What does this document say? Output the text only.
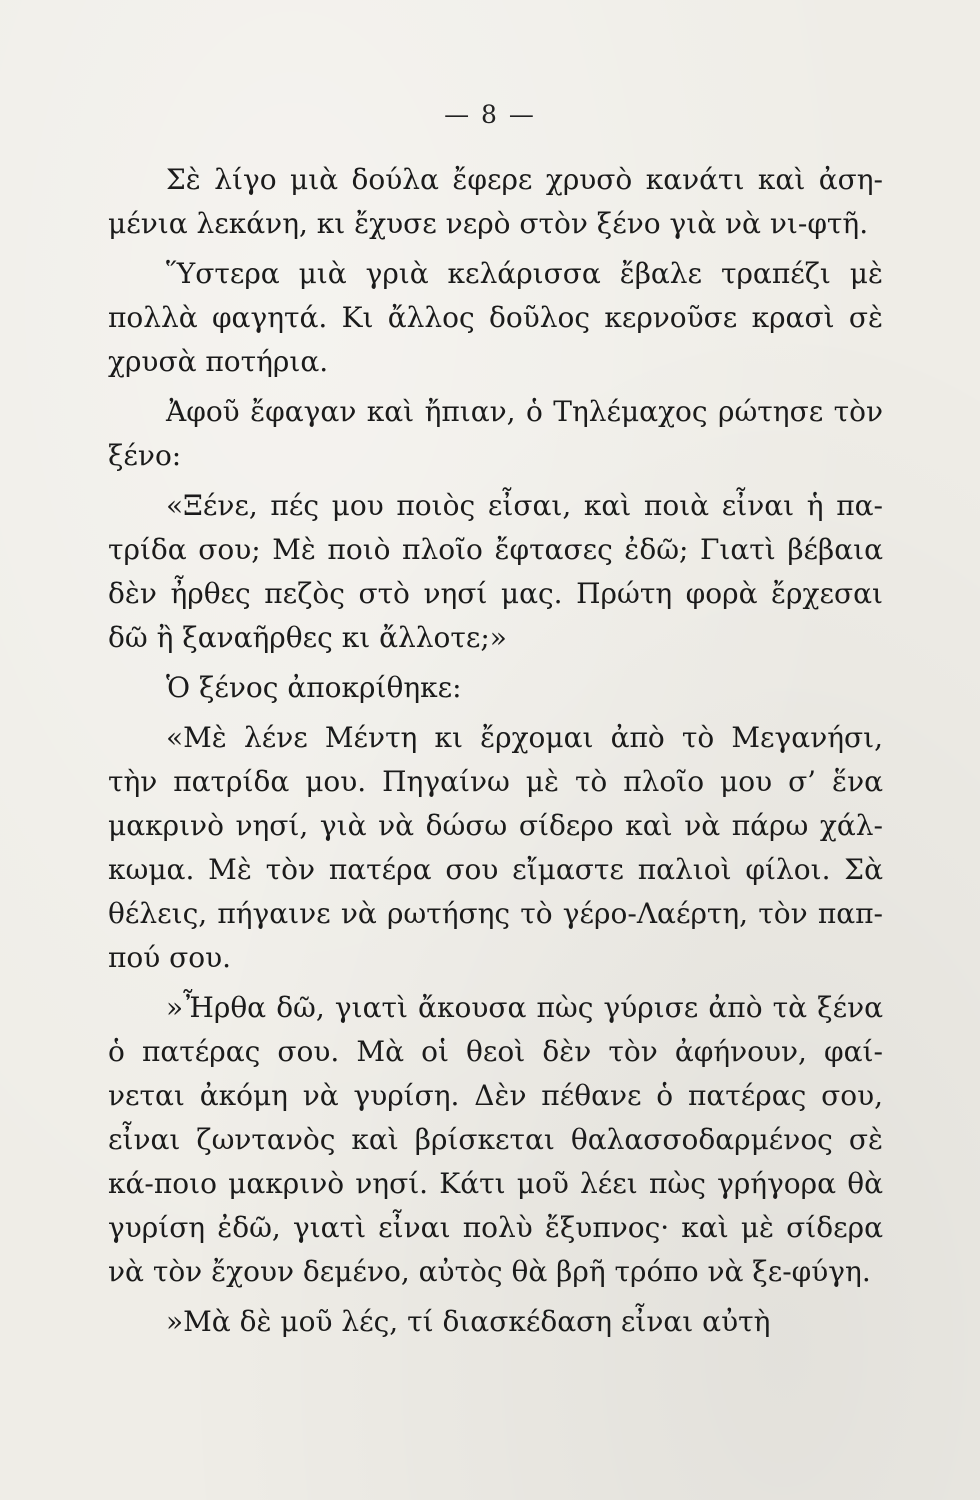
— 8 —

Σὲ λίγο μιὰ δούλα ἔφερε χρυσὸ κανάτι καὶ ἀση-μένια λεκάνη, κι ἔχυσε νερὸ στὸν ξένο γιὰ νὰ νι-φτῆ.

Ὕστερα μιὰ γριὰ κελάρισσα ἔβαλε τραπέζι μὲ πολλὰ φαγητά. Κι ἄλλος δοῦλος κερνοῦσε κρασὶ σὲ χρυσὰ ποτήρια.

Ἀφοῦ ἔφαγαν καὶ ἤπιαν, ὁ Τηλέμαχος ρώτησε τὸν ξένο:

«Ξένε, πές μου ποιὸς εἶσαι, καὶ ποιὰ εἶναι ἡ πα-τρίδα σου; Μὲ ποιὸ πλοῖο ἔφτασες ἐδῶ; Γιατὶ βέβαια δὲν ἦρθες πεζὸς στὸ νησί μας. Πρώτη φορὰ ἔρχεσαι δῶ ἢ ξαναῆρθες κι ἄλλοτε;»

Ὁ ξένος ἀποκρίθηκε:

«Μὲ λένε Μέντη κι ἔρχομαι ἀπὸ τὸ Μεγανήσι, τὴν πατρίδα μου. Πηγαίνω μὲ τὸ πλοῖο μου σ’ ἕνα μακρινὸ νησί, γιὰ νὰ δώσω σίδερο καὶ νὰ πάρω χάλ-κωμα. Μὲ τὸν πατέρα σου εἴμαστε παλιοὶ φίλοι. Σὰ θέλεις, πήγαινε νὰ ρωτήσης τὸ γέρο-Λαέρτη, τὸν παπ-πού σου.

»Ἦρθα δῶ, γιατὶ ἄκουσα πὼς γύρισε ἀπὸ τὰ ξένα ὁ πατέρας σου. Μὰ οἱ θεοὶ δὲν τὸν ἀφήνουν, φαί-νεται ἀκόμη νὰ γυρίση. Δὲν πέθανε ὁ πατέρας σου, εἶναι ζωντανὸς καὶ βρίσκεται θαλασσοδαρμένος σὲ κά-ποιο μακρινὸ νησί. Κάτι μοῦ λέει πὼς γρήγορα θὰ γυρίση ἐδῶ, γιατὶ εἶναι πολὺ ἔξυπνος· καὶ μὲ σίδερα νὰ τὸν ἔχουν δεμένο, αὐτὸς θὰ βρῆ τρόπο νὰ ξε-φύγη.

»Μὰ δὲ μοῦ λές, τί διασκέδαση εἶναι αὐτὴ
